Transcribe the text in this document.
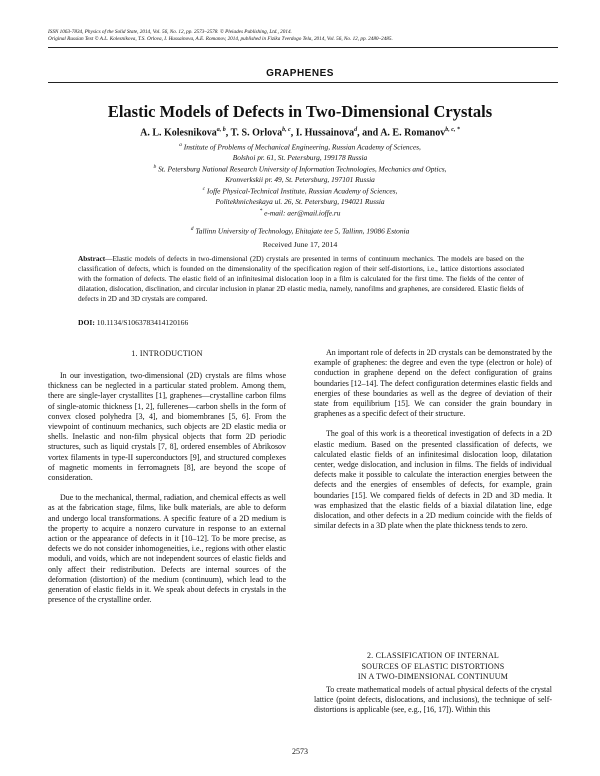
ISSN 1063-7834, Physics of the Solid State, 2014, Vol. 56, No. 12, pp. 2573–2578. © Pleiades Publishing, Ltd., 2014.
Original Russian Text © A.L. Kolesnikova, T.S. Orlova, I. Hussainova, A.E. Romanov, 2014, published in Fizika Tverdogo Tela, 2014, Vol. 56, No. 12, pp. 2480–2485.
GRAPHENES
Elastic Models of Defects in Two-Dimensional Crystals
A. L. Kolesnikova$^{a, b}$, T. S. Orlova$^{b, c}$, I. Hussainova$^d$, and A. E. Romanov$^{b, c, *}$
$^a$ Institute of Problems of Mechanical Engineering, Russian Academy of Sciences,
Bolshoi pr. 61, St. Petersburg, 199178 Russia
$^b$ St. Petersburg National Research University of Information Technologies, Mechanics and Optics,
Kronverkskii pr. 49, St. Petersburg, 197101 Russia
$^c$ Ioffe Physical-Technical Institute, Russian Academy of Sciences,
Politekhnicheskaya ul. 26, St. Petersburg, 194021 Russia
* e-mail: aer@mail.ioffe.ru
$^d$ Tallinn University of Technology, Ehitajate tee 5, Tallinn, 19086 Estonia
Received June 17, 2014
Abstract—Elastic models of defects in two-dimensional (2D) crystals are presented in terms of continuum mechanics. The models are based on the classification of defects, which is founded on the dimensionality of the specification region of their self-distortions, i.e., lattice distortions associated with the formation of defects. The elastic field of an infinitesimal dislocation loop in a film is calculated for the first time. The fields of the center of dilatation, dislocation, disclination, and circular inclusion in planar 2D elastic media, namely, nanofilms and graphenes, are considered. Elastic fields of defects in 2D and 3D crystals are compared.
DOI: 10.1134/S1063783414120166
1. INTRODUCTION

In our investigation, two-dimensional (2D) crystals are films whose thickness can be neglected in a particular stated problem. Among them, there are single-layer crystallites [1], graphenes—crystalline carbon films of single-atomic thickness [1, 2], fullerenes—carbon shells in the form of convex closed polyhedra [3, 4], and biomembranes [5, 6]. From the viewpoint of continuum mechanics, such objects are 2D elastic media or shells. Inelastic and non-film physical objects that form 2D periodic structures, such as liquid crystals [7, 8], ordered ensembles of Abrikosov vortex filaments in type-II superconductors [9], and structured complexes of magnetic moments in ferromagnets [8], are beyond the scope of consideration.

Due to the mechanical, thermal, radiation, and chemical effects as well as at the fabrication stage, films, like bulk materials, are able to deform and undergo local transformations. A specific feature of a 2D medium is the property to acquire a nonzero curvature in response to an external action or the appearance of defects in it [10–12]. To be more precise, as defects we do not consider inhomogeneities, i.e., regions with other elastic moduli, and voids, which are not independent sources of elastic fields and only affect their redistribution. Defects are internal sources of the deformation (distortion) of the medium (continuum), which lead to the generation of elastic fields in it. We speak about defects in crystals in the presence of the crystalline order.

An important role of defects in 2D crystals can be demonstrated by the example of graphenes: the degree and even the type (electron or hole) of conduction in graphene depend on the defect configuration of grains boundaries [12–14]. The defect configuration determines elastic fields and energies of these boundaries as well as the degree of deviation of their state from equilibrium [15]. We can consider the grain boundary in graphenes as a specific defect of their structure.

The goal of this work is a theoretical investigation of defects in a 2D elastic medium. Based on the presented classification of defects, we calculated elastic fields of an infinitesimal dislocation loop, dilatation center, wedge dislocation, and inclusion in films. The fields of individual defects make it possible to calculate the interaction energies between the defects and the energies of ensembles of defects, for example, grain boundaries [15]. We compared fields of defects in 2D and 3D media. It was emphasized that the elastic fields of a biaxial dilatation line, edge dislocation, and other defects in a 2D medium coincide with the fields of similar defects in a 3D plate when the plate thickness tends to zero.

2. CLASSIFICATION OF INTERNAL
SOURCES OF ELASTIC DISTORTIONS
IN A TWO-DIMENSIONAL CONTINUUM

To create mathematical models of actual physical defects of the crystal lattice (point defects, dislocations, and inclusions), the technique of self-distortions is applicable (see, e.g., [16, 17]). Within this

2573
